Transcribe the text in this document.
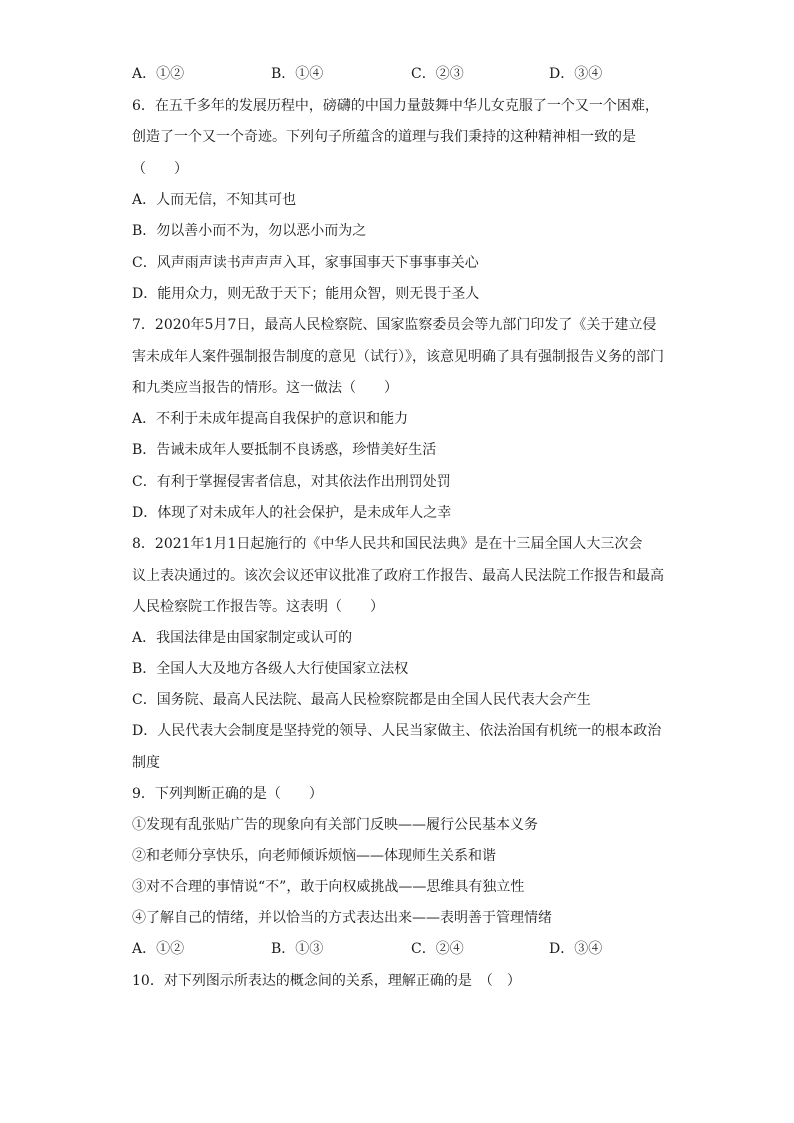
A．①②	B．①④	C．②③	D．③④
6．在五千多年的发展历程中，磅礴的中国力量鼓舞中华儿女克服了一个又一个困难，
创造了一个又一个奇迹。下列句子所蕴含的道理与我们秉持的这种精神相一致的是
（　　）
A．人而无信，不知其可也
B．勿以善小而不为，勿以恶小而为之
C．风声雨声读书声声声入耳，家事国事天下事事事关心
D．能用众力，则无敌于天下；能用众智，则无畏于圣人
7．2020年5月7日，最高人民检察院、国家监察委员会等九部门印发了《关于建立侵
害未成年人案件强制报告制度的意见（试行）》，该意见明确了具有强制报告义务的部门
和九类应当报告的情形。这一做法（　　）
A．不利于未成年提高自我保护的意识和能力
B．告诫未成年人要抵制不良诱惑，珍惜美好生活
C．有利于掌握侵害者信息，对其依法作出刑罚处罚
D．体现了对未成年人的社会保护，是未成年人之幸
8．2021年1月1日起施行的《中华人民共和国民法典》是在十三届全国人大三次会
议上表决通过的。该次会议还审议批准了政府工作报告、最高人民法院工作报告和最高
人民检察院工作报告等。这表明（　　）
A．我国法律是由国家制定或认可的
B．全国人大及地方各级人大行使国家立法权
C．国务院、最高人民法院、最高人民检察院都是由全国人民代表大会产生
D．人民代表大会制度是坚持党的领导、人民当家做主、依法治国有机统一的根本政治
制度
9．下列判断正确的是（　　）
①发现有乱张贴广告的现象向有关部门反映——履行公民基本义务
②和老师分享快乐，向老师倾诉烦恼——体现师生关系和谐
③对不合理的事情说“不”，敢于向权威挑战——思维具有独立性
④了解自己的情绪，并以恰当的方式表达出来——表明善于管理情绪
A．①②	B．①③	C．②④	D．③④
10．对下列图示所表达的概念间的关系，理解正确的是　（　）
